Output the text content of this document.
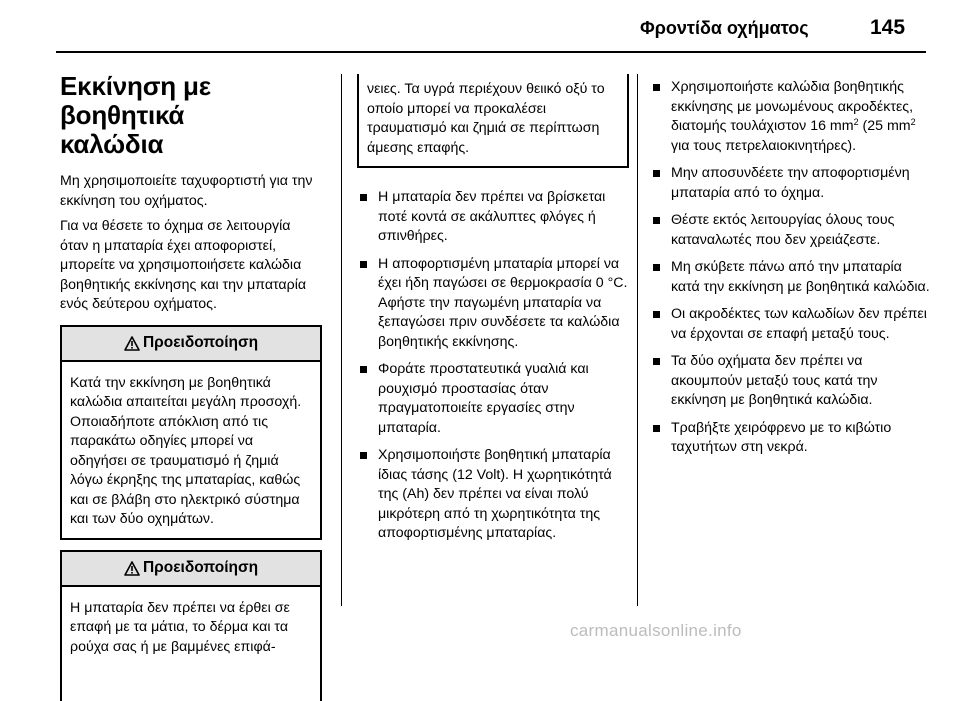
Φροντίδα οχήματος	145
Εκκίνηση με βοηθητικά
καλώδια

Μη χρησιμοποιείτε ταχυφορτιστή για την εκκίνηση του οχήματος.

Για να θέσετε το όχημα σε λειτουργία όταν η μπαταρία έχει αποφοριστεί, μπορείτε να χρησιμοποιήσετε καλώδια βοηθητικής εκκίνησης και την μπαταρία ενός δεύτερου οχήματος.

Προειδοποίηση
Κατά την εκκίνηση με βοηθητικά καλώδια απαιτείται μεγάλη προσοχή. Οποιαδήποτε απόκλιση από τις παρακάτω οδηγίες μπορεί να οδηγήσει σε τραυματισμό ή ζημιά λόγω έκρηξης της μπαταρίας, καθώς και σε βλάβη στο ηλεκτρικό σύστημα και των δύο οχημάτων.
Προειδοποίηση
Η μπαταρία δεν πρέπει να έρθει σε επαφή με τα μάτια, το δέρμα και τα ρούχα σας ή με βαμμένες επιφά-
νειες. Τα υγρά περιέχουν θειικό οξύ το οποίο μπορεί να προκαλέσει τραυματισμό και ζημιά σε περίπτωση άμεσης επαφής.
Η μπαταρία δεν πρέπει να βρίσκεται ποτέ κοντά σε ακάλυπτες φλόγες ή σπινθήρες.
Η αποφορτισμένη μπαταρία μπορεί να έχει ήδη παγώσει σε θερμοκρασία 0 °C. Αφήστε την παγωμένη μπαταρία να ξεπαγώσει πριν συνδέσετε τα καλώδια βοηθητικής εκκίνησης.
Φοράτε προστατευτικά γυαλιά και ρουχισμό προστασίας όταν πραγματοποιείτε εργασίες στην μπαταρία.
Χρησιμοποιήστε βοηθητική μπαταρία ίδιας τάσης (12 Volt). Η χωρητικότητά της (Ah) δεν πρέπει να είναι πολύ μικρότερη από τη χωρητικότητα της αποφορτισμένης μπαταρίας.
Χρησιμοποιήστε καλώδια βοηθητικής εκκίνησης με μονωμένους ακροδέκτες, διατομής τουλάχιστον 16 $mm^2$ (25 $mm^2$ για τους πετρελαιοκινητήρες).
Μην αποσυνδέετε την αποφορτισμένη μπαταρία από το όχημα.
Θέστε εκτός λειτουργίας όλους τους καταναλωτές που δεν χρειάζεστε.
Μη σκύβετε πάνω από την μπαταρία κατά την εκκίνηση με βοηθητικά καλώδια.
Οι ακροδέκτες των καλωδίων δεν πρέπει να έρχονται σε επαφή μεταξύ τους.
Τα δύο οχήματα δεν πρέπει να ακουμπούν μεταξύ τους κατά την εκκίνηση με βοηθητικά καλώδια.
Τραβήξτε χειρόφρενο με το κιβώτιο ταχυτήτων στη νεκρά.
carmanualsonline.info
